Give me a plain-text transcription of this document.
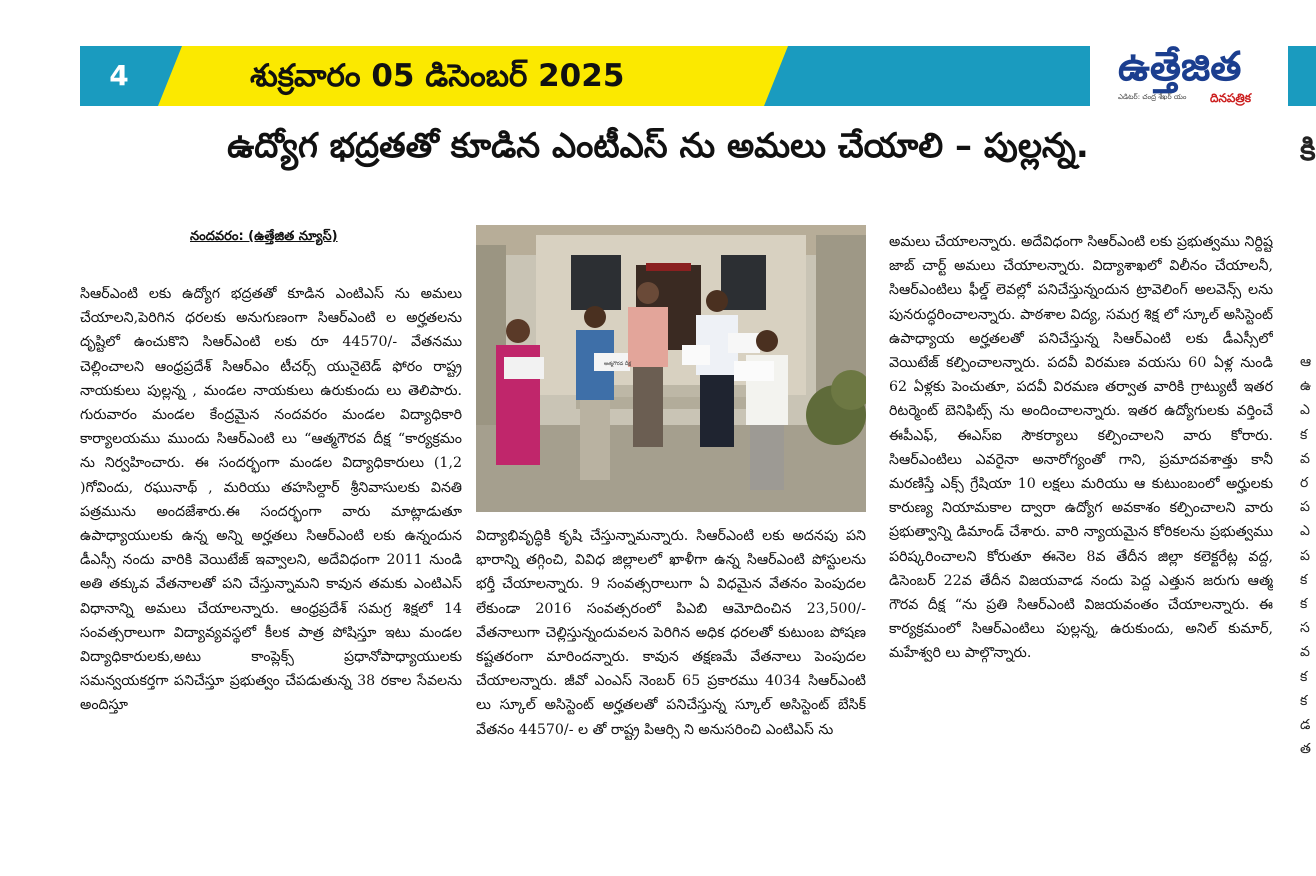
4	శుక్రవారం 05 డిసెంబర్ 2025	ఉత్తేజిత
ఎడిటర్: చంద్ర శేఖర్ యం దినపత్రిక
ఉద్యోగ భద్రతతో కూడిన ఎంటీఎస్ ను అమలు చేయాలి – పుల్లన్న.	కి
నందవరం: (ఉత్తేజిత న్యూస్)
సిఆర్ఎంటి లకు ఉద్యోగ భద్రతతో కూడిన ఎంటిఎస్ ను అమలు చేయాలని,పెరిగిన ధరలకు అనుగుణంగా సిఆర్ఎంటి ల అర్హతలను దృష్టిలో ఉంచుకొని సిఆర్ఎంటి లకు రూ 44570/- వేతనము చెల్లించాలని ఆంధ్రప్రదేశ్ సిఆర్ఎం టీచర్స్ యునైటెడ్ ఫోరం రాష్ట్ర నాయకులు పుల్లన్న , మండల నాయకులు ఉరుకుందు లు తెలిపారు. గురువారం మండల కేంద్రమైన నందవరం మండల విద్యాధికారి కార్యాలయము ముందు సిఆర్ఎంటి లు “ఆత్మగౌరవ దీక్ష “కార్యక్రమం ను నిర్వహించారు. ఈ సందర్భంగా మండల విద్యాధికారులు (1,2 )గోవిందు, రఘునాథ్ , మరియు తహసిల్దార్ శ్రీనివాసులకు వినతి పత్రమును అందజేశారు.ఈ సందర్భంగా వారు మాట్లాడుతూ ఉపాధ్యాయులకు ఉన్న అన్ని అర్హతలు సిఆర్ఎంటి లకు ఉన్నందున డీఎస్సీ నందు వారికి వెయిటేజ్ ఇవ్వాలని, అదేవిధంగా 2011 నుండి అతి తక్కువ వేతనాలతో పని చేస్తున్నామని కావున తమకు ఎంటిఎస్ విధానాన్ని అమలు చేయాలన్నారు. ఆంధ్రప్రదేశ్ సమగ్ర శిక్షలో 14 సంవత్సరాలుగా విద్యావ్యవస్థలో కీలక పాత్ర పోషిస్తూ ఇటు మండల విద్యాధికారులకు,అటు కాంప్లెక్స్ ప్రధానోపాధ్యాయులకు సమన్వయకర్తగా పనిచేస్తూ ప్రభుత్వం చేపడుతున్న 38 రకాల సేవలను అందిస్తూ
ఆత్మగౌరవ దీక్ష
విద్యాభివృద్ధికి కృషి చేస్తున్నామన్నారు. సిఆర్ఎంటి లకు అదనపు పని భారాన్ని తగ్గించి, వివిధ జిల్లాలలో ఖాళీగా ఉన్న సిఆర్ఎంటి పోస్టులను భర్తీ చేయాలన్నారు. 9 సంవత్సరాలుగా ఏ విధమైన వేతనం పెంపుదల లేకుండా 2016 సంవత్సరంలో పిఎబి ఆమోదించిన 23,500/- వేతనాలుగా చెల్లిస్తున్నందువలన పెరిగిన అధిక ధరలతో కుటుంబ పోషణ కష్టతరంగా మారిందన్నారు. కావున తక్షణమే వేతనాలు పెంపుదల చేయాలన్నారు. జీవో ఎంఎస్ నెంబర్ 65 ప్రకారము 4034 సిఆర్ఎంటి లు స్కూల్ అసిస్టెంట్ అర్హతలతో పనిచేస్తున్న స్కూల్ అసిస్టెంట్ బేసిక్ వేతనం 44570/- ల తో రాష్ట్ర పిఆర్సి ని అనుసరించి ఎంటిఎస్ ను
అమలు చేయాలన్నారు. అదేవిధంగా సిఆర్ఎంటి లకు ప్రభుత్వము నిర్దిష్ట జాబ్ చార్ట్ అమలు చేయాలన్నారు. విద్యాశాఖలో విలీనం చేయాలనీ, సిఆర్ఎంటిలు ఫీల్డ్ లెవల్లో పనిచేస్తున్నందున ట్రావెలింగ్ అలవెన్స్ లను పునరుద్ధరించాలన్నారు. పాఠశాల విద్య, సమగ్ర శిక్ష లో స్కూల్ అసిస్టెంట్ ఉపాధ్యాయ అర్హతలతో పనిచేస్తున్న సిఆర్ఎంటి లకు డీఎస్సీలో వెయిటేజ్ కల్పించాలన్నారు. పదవీ విరమణ వయసు 60 ఏళ్ల నుండి 62 ఏళ్లకు పెంచుతూ, పదవీ విరమణ తర్వాత వారికి గ్రాట్యుటీ ఇతర రిటర్మెంట్ బెనిఫిట్స్ ను అందించాలన్నారు. ఇతర ఉద్యోగులకు వర్తించే ఈపీఎఫ్, ఈఎస్ఐ సౌకర్యాలు కల్పించాలని వారు కోరారు. సిఆర్ఎంటిలు ఎవరైనా అనారోగ్యంతో గాని, ప్రమాదవశాత్తు కానీ మరణిస్తే ఎక్స్ గ్రేషియా 10 లక్షలు మరియు ఆ కుటుంబంలో అర్హులకు కారుణ్య నియామకాల ద్వారా ఉద్యోగ అవకాశం కల్పించాలని వారు ప్రభుత్వాన్ని డిమాండ్ చేశారు. వారి న్యాయమైన కోరికలను ప్రభుత్వము పరిష్కరించాలని కోరుతూ ఈనెల 8వ తేదీన జిల్లా కలెక్టరేట్ల వద్ద, డిసెంబర్ 22వ తేదీన విజయవాడ నందు పెద్ద ఎత్తున జరుగు ఆత్మ గౌరవ దీక్ష “ను ప్రతి సిఆర్ఎంటి విజయవంతం చేయాలన్నారు. ఈ కార్యక్రమంలో సిఆర్ఎంటిలు పుల్లన్న, ఉరుకుందు, అనిల్ కుమార్, మహేశ్వరి లు పాల్గొన్నారు.
ఆ
ఉ
ఎ
క
వ
ర
ప
ఎ
ప
క
క
స
వ
క
క
డ
త
